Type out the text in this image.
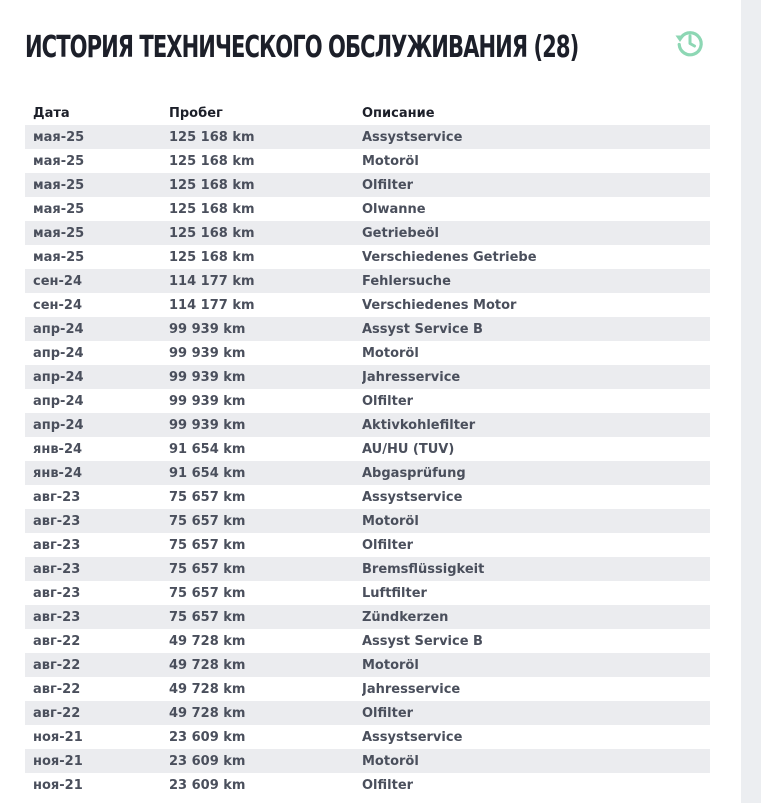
ИСТОРИЯ ТЕХНИЧЕСКОГО ОБСЛУЖИВАНИЯ (28)
Дата	Пробег	Описание
мая-25	125 168 km	Assystservice
мая-25	125 168 km	Motoröl
мая-25	125 168 km	Ölfilter
мая-25	125 168 km	Ölwanne
мая-25	125 168 km	Getriebeöl
мая-25	125 168 km	Verschiedenes Getriebe
сен-24	114 177 km	Fehlersuche
сен-24	114 177 km	Verschiedenes Motor
апр-24	99 939 km	Assyst Service B
апр-24	99 939 km	Motoröl
апр-24	99 939 km	Jahresservice
апр-24	99 939 km	Ölfilter
апр-24	99 939 km	Aktivkohlefilter
янв-24	91 654 km	AU/HU (TÜV)
янв-24	91 654 km	Abgasprüfung
авг-23	75 657 km	Assystservice
авг-23	75 657 km	Motoröl
авг-23	75 657 km	Ölfilter
авг-23	75 657 km	Bremsflüssigkeit
авг-23	75 657 km	Luftfilter
авг-23	75 657 km	Zündkerzen
авг-22	49 728 km	Assyst Service B
авг-22	49 728 km	Motoröl
авг-22	49 728 km	Jahresservice
авг-22	49 728 km	Ölfilter
ноя-21	23 609 km	Assystservice
ноя-21	23 609 km	Motoröl
ноя-21	23 609 km	Ölfilter
